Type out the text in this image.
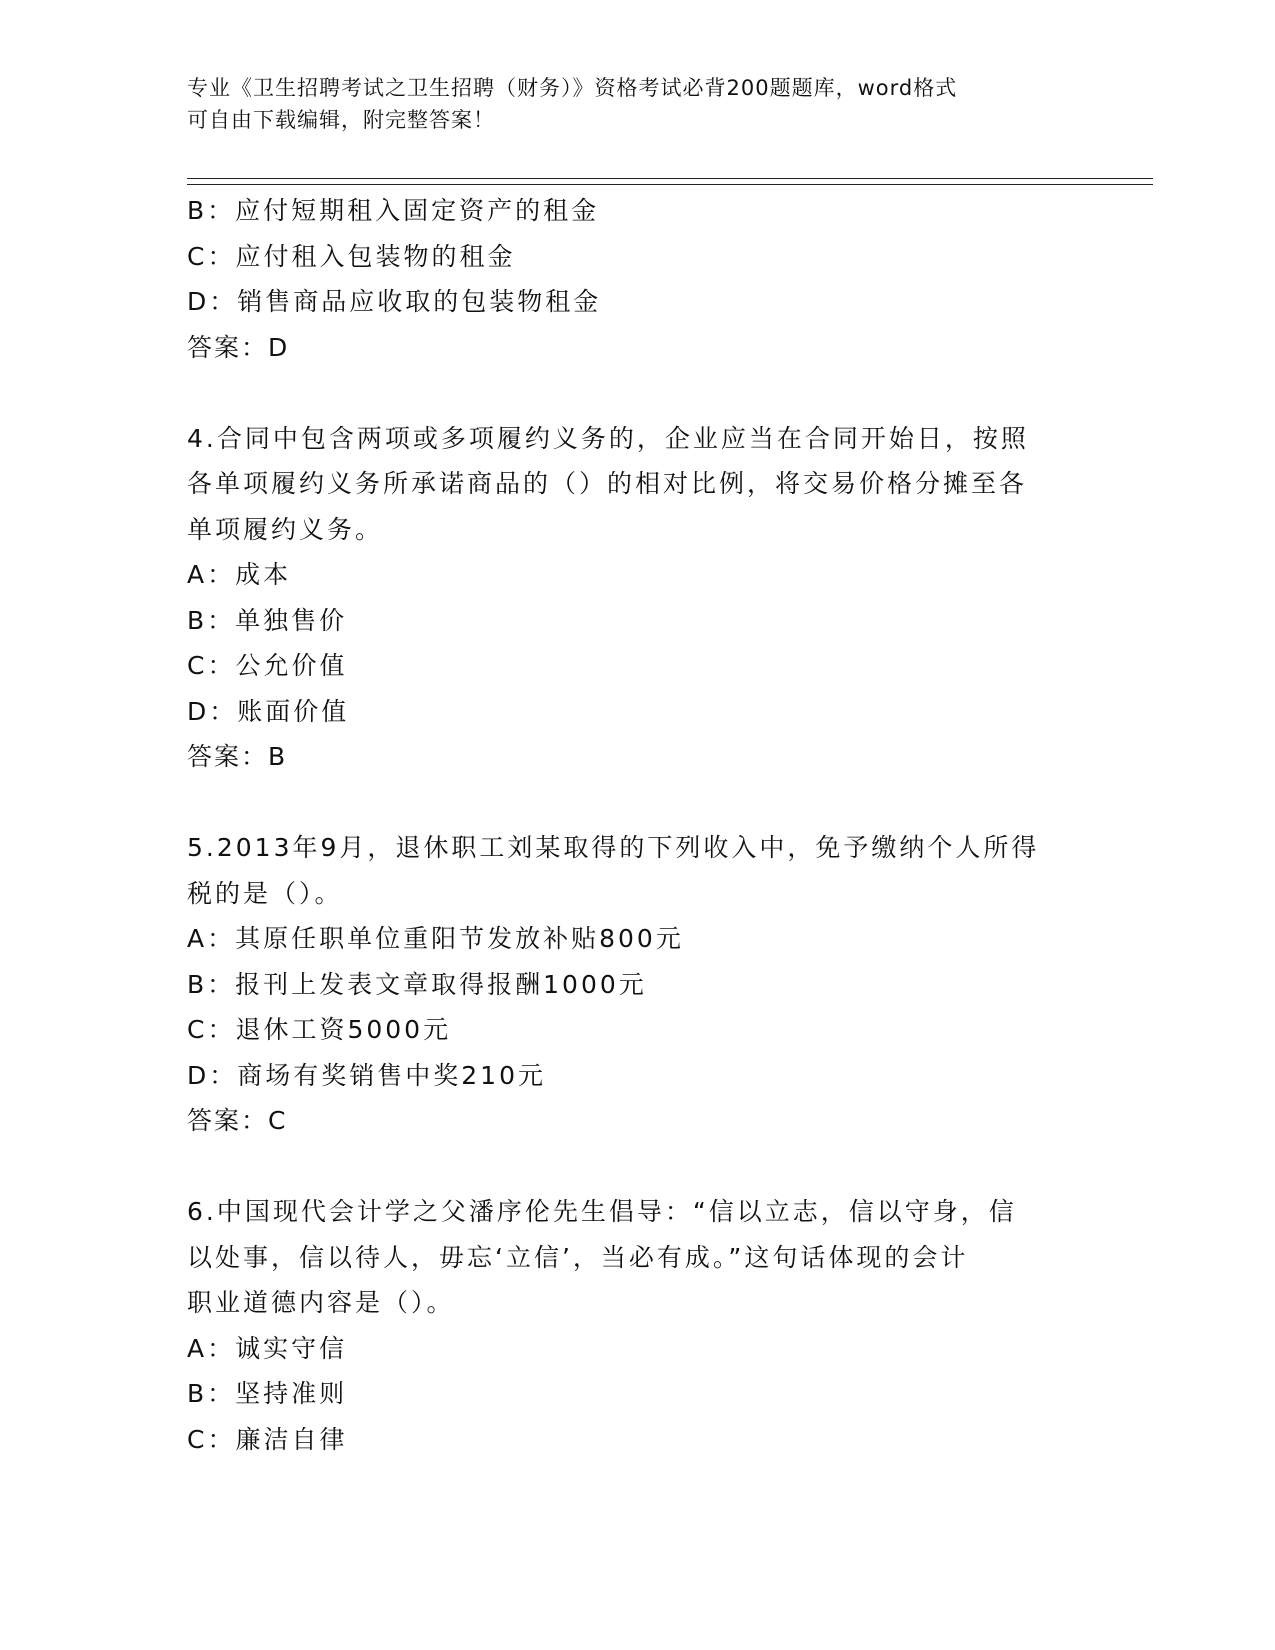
专业《卫生招聘考试之卫生招聘（财务）》资格考试必背200题题库，word格式
可自由下载编辑，附完整答案！
B：应付短期租入固定资产的租金
C：应付租入包装物的租金
D：销售商品应收取的包装物租金
答案：D
4.合同中包含两项或多项履约义务的，企业应当在合同开始日，按照
各单项履约义务所承诺商品的（）的相对比例，将交易价格分摊至各
单项履约义务。
A：成本
B：单独售价
C：公允价值
D：账面价值
答案：B
5.2013年9月，退休职工刘某取得的下列收入中，免予缴纳个人所得
税的是（）。
A：其原任职单位重阳节发放补贴800元
B：报刊上发表文章取得报酬1000元
C：退休工资5000元
D：商场有奖销售中奖210元
答案：C
6.中国现代会计学之父潘序伦先生倡导：“信以立志，信以守身，信
以处事，信以待人，毋忘‘立信’，当必有成。”这句话体现的会计
职业道德内容是（）。
A：诚实守信
B：坚持准则
C：廉洁自律
